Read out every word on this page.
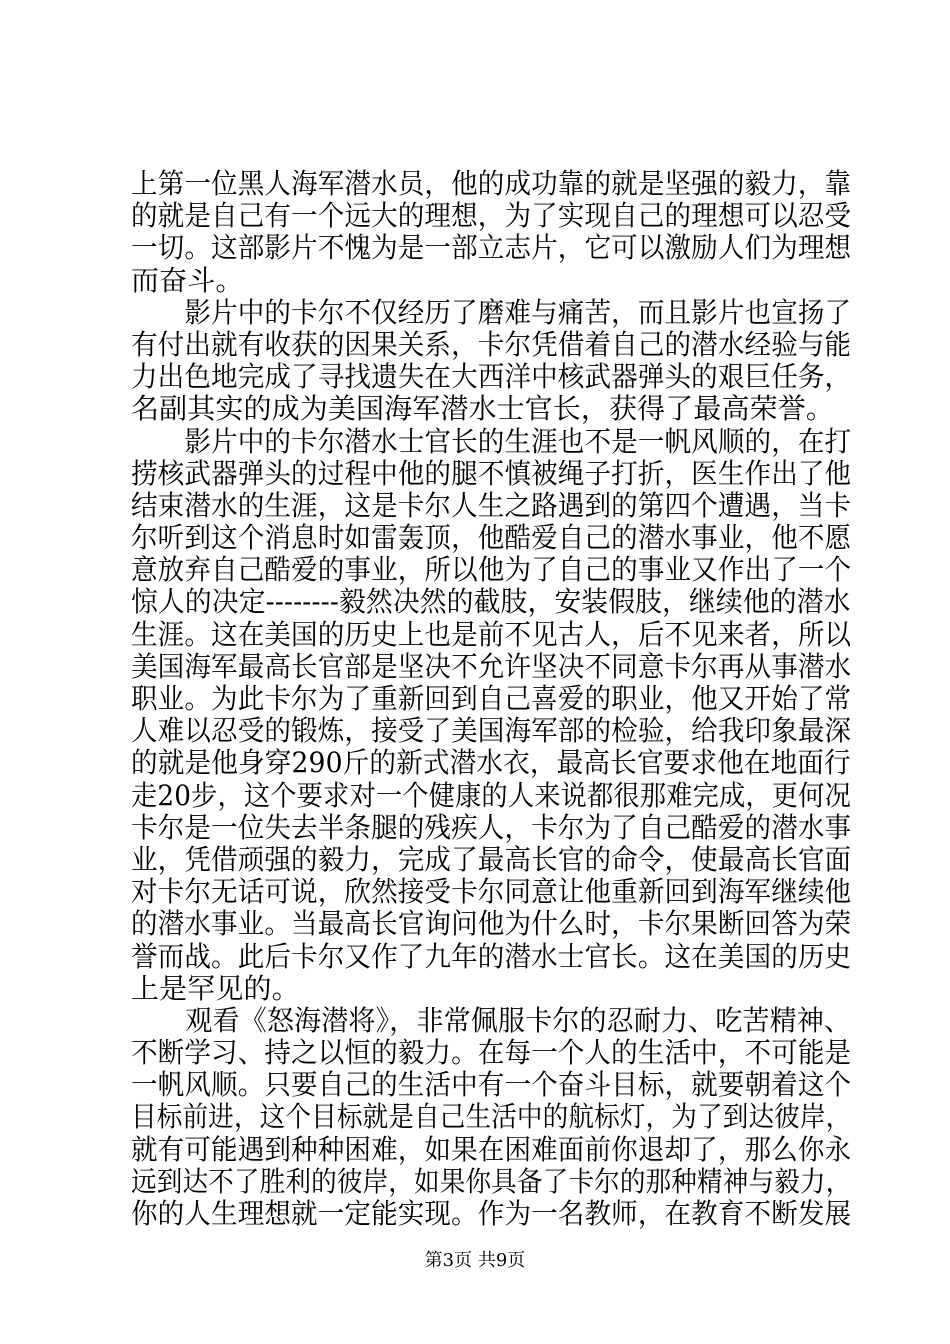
上第一位黑人海军潜水员，他的成功靠的就是坚强的毅力，靠
的就是自己有一个远大的理想，为了实现自己的理想可以忍受
一切。这部影片不愧为是一部立志片，它可以激励人们为理想
而奋斗。
　　影片中的卡尔不仅经历了磨难与痛苦，而且影片也宣扬了
有付出就有收获的因果关系，卡尔凭借着自己的潜水经验与能
力出色地完成了寻找遗失在大西洋中核武器弹头的艰巨任务，
名副其实的成为美国海军潜水士官长，获得了最高荣誉。
　　影片中的卡尔潜水士官长的生涯也不是一帆风顺的，在打
捞核武器弹头的过程中他的腿不慎被绳子打折，医生作出了他
结束潜水的生涯，这是卡尔人生之路遇到的第四个遭遇，当卡
尔听到这个消息时如雷轰顶，他酷爱自己的潜水事业，他不愿
意放弃自己酷爱的事业，所以他为了自己的事业又作出了一个
惊人的决定--------毅然决然的截肢，安装假肢，继续他的潜水
生涯。这在美国的历史上也是前不见古人，后不见来者，所以
美国海军最高长官部是坚决不允许坚决不同意卡尔再从事潜水
职业。为此卡尔为了重新回到自己喜爱的职业，他又开始了常
人难以忍受的锻炼，接受了美国海军部的检验，给我印象最深
的就是他身穿290斤的新式潜水衣，最高长官要求他在地面行
走20步，这个要求对一个健康的人来说都很那难完成，更何况
卡尔是一位失去半条腿的残疾人，卡尔为了自己酷爱的潜水事
业，凭借顽强的毅力，完成了最高长官的命令，使最高长官面
对卡尔无话可说，欣然接受卡尔同意让他重新回到海军继续他
的潜水事业。当最高长官询问他为什么时，卡尔果断回答为荣
誉而战。此后卡尔又作了九年的潜水士官长。这在美国的历史
上是罕见的。
　　观看《怒海潜将》，非常佩服卡尔的忍耐力、吃苦精神、
不断学习、持之以恒的毅力。在每一个人的生活中，不可能是
一帆风顺。只要自己的生活中有一个奋斗目标，就要朝着这个
目标前进，这个目标就是自己生活中的航标灯，为了到达彼岸，
就有可能遇到种种困难，如果在困难面前你退却了，那么你永
远到达不了胜利的彼岸，如果你具备了卡尔的那种精神与毅力，
你的人生理想就一定能实现。作为一名教师，在教育不断发展
第3页 共9页
